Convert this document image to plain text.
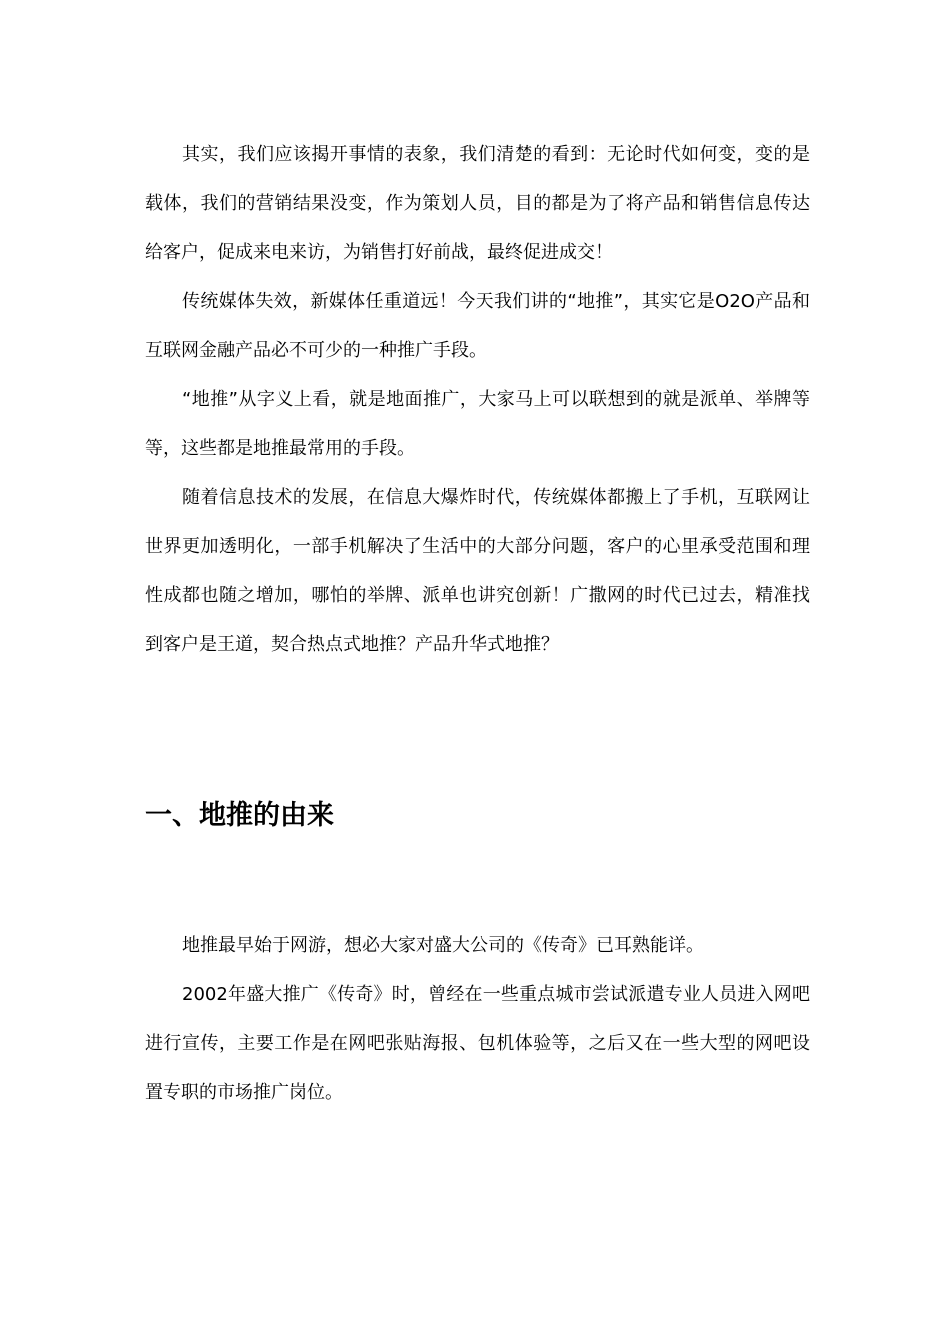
其实，我们应该揭开事情的表象，我们清楚的看到：无论时代如何变，变的是载体，我们的营销结果没变，作为策划人员，目的都是为了将产品和销售信息传达给客户，促成来电来访，为销售打好前战，最终促进成交！

传统媒体失效，新媒体任重道远！今天我们讲的“地推”，其实它是O2O产品和互联网金融产品必不可少的一种推广手段。

“地推”从字义上看，就是地面推广，大家马上可以联想到的就是派单、举牌等等，这些都是地推最常用的手段。

随着信息技术的发展，在信息大爆炸时代，传统媒体都搬上了手机，互联网让世界更加透明化，一部手机解决了生活中的大部分问题，客户的心里承受范围和理性成都也随之增加，哪怕的举牌、派单也讲究创新！广撒网的时代已过去，精准找到客户是王道，契合热点式地推？产品升华式地推？

一、地推的由来

地推最早始于网游，想必大家对盛大公司的《传奇》已耳熟能详。

2002年盛大推广《传奇》时，曾经在一些重点城市尝试派遣专业人员进入网吧进行宣传，主要工作是在网吧张贴海报、包机体验等，之后又在一些大型的网吧设置专职的市场推广岗位。
